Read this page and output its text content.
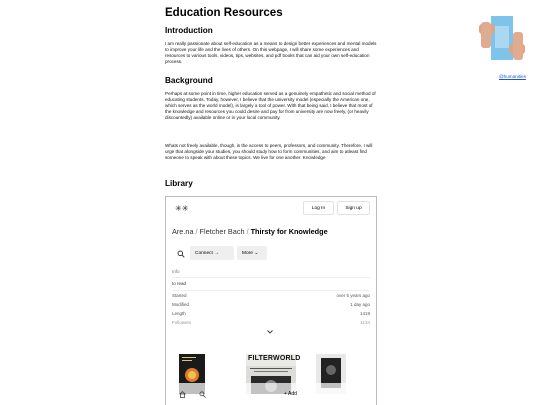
Education Resources
Introduction

I am really passionate about self-education as a means to design better experiences and mental models to improve your life and the lives of others. On this webpage, I will share some experiences and resources to various tools, videos, tips, websites, and pdf books that can aid your own self-education process.

Background

Perhaps at some point in time, higher education served as a genuinely empathetic and social method of educating students. Today, however, I believe that the university model (especially the American one, which serves as the world model), is largely a tool of power. With that being said, I believe that most of the knowledge and resources you could desire and pay for from university are now freely, (or heavily discountedly) available online or in your local community.

Whats not freely available, though, is the access to peers, professors, and community. Therefore, I will urge that alongside your studies, you should study how to form communities, and aim to atleast find someone to speak with about these topics. We live for one another. Knowledge

Library
@humanities
✳✳	Log In	Sign up
Are.na / Fletcher Bach / Thirsty for Knowledge
Connect →	More ⌄
Info
to read
Started	over 5 years ago
Modified	1 day ago
Length	1419
Followers	1134
FILTERWORLD
+ Add
